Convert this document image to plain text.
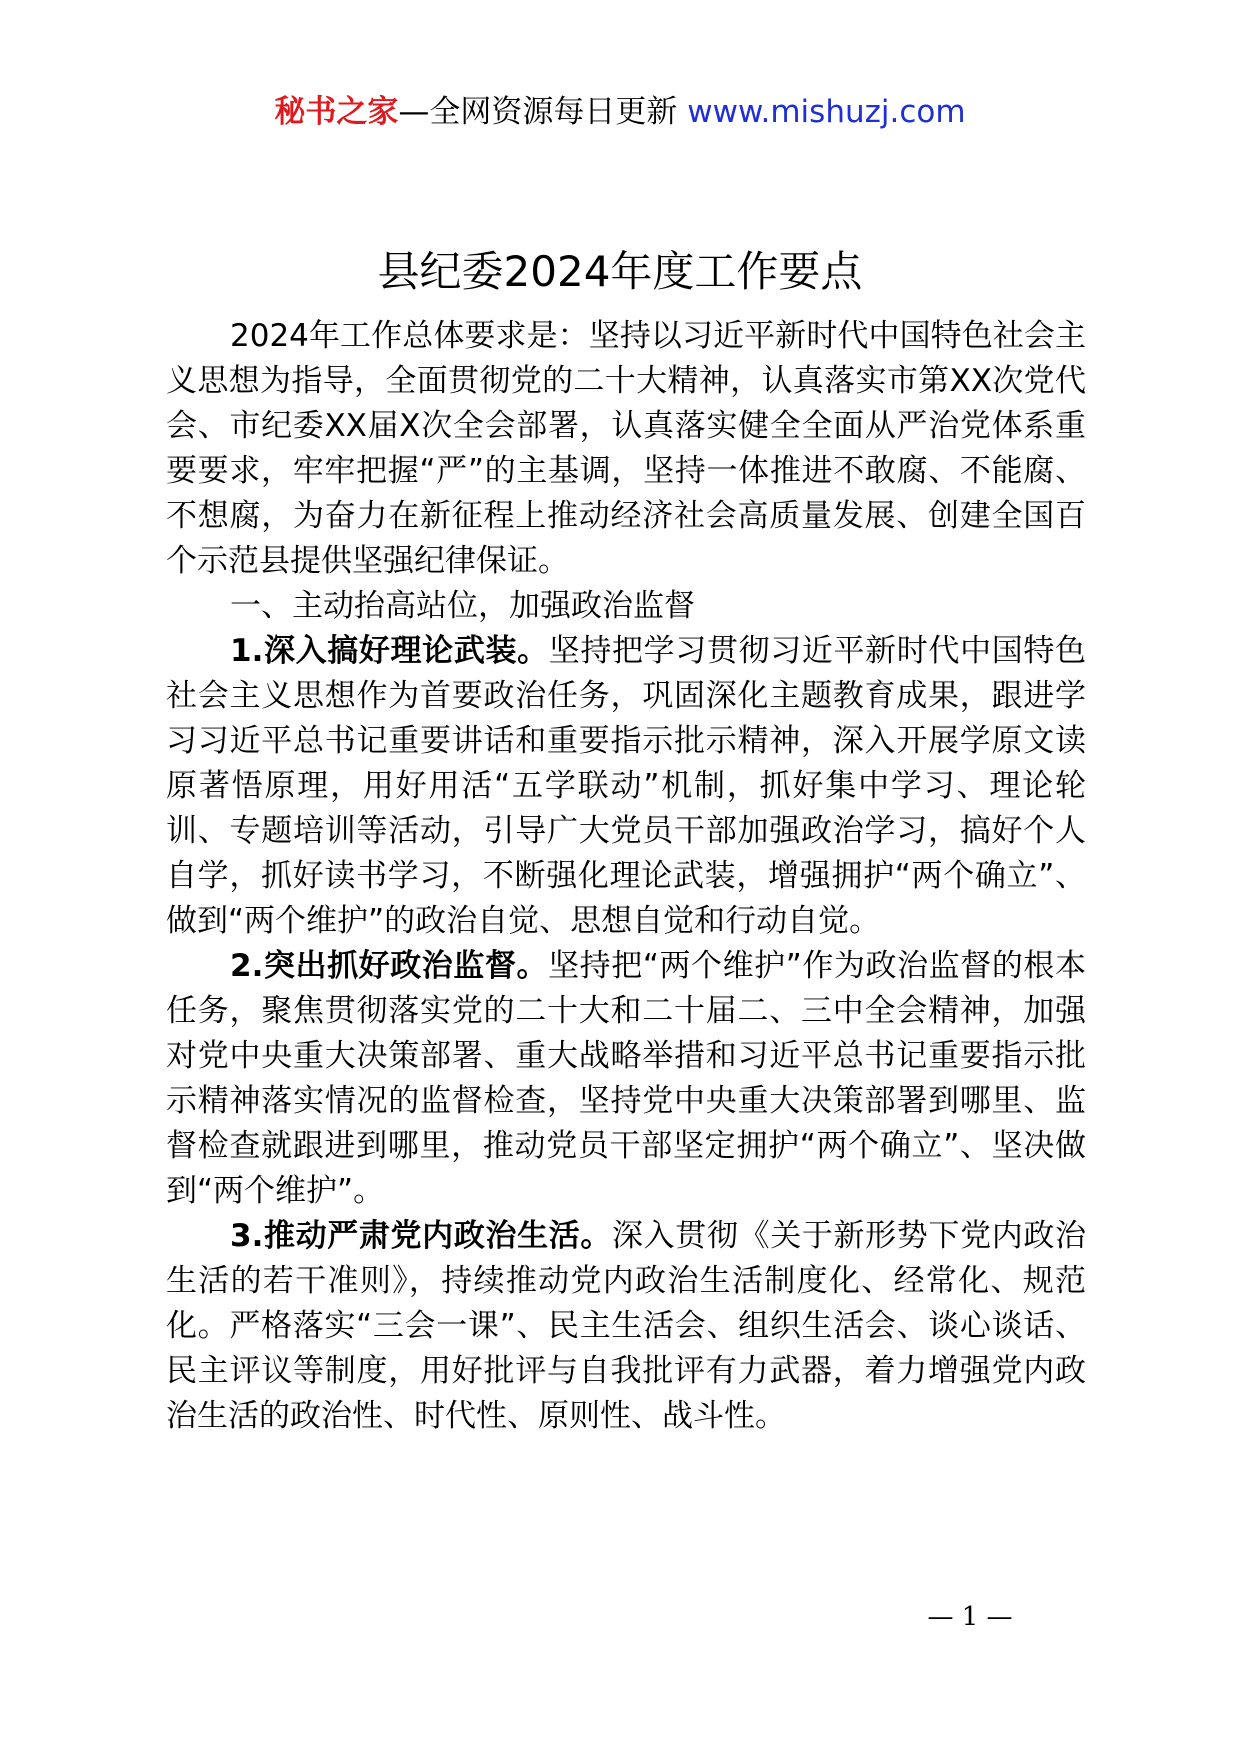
秘书之家—全网资源每日更新 www.mishuzj.com
县纪委2024年度工作要点

2024年工作总体要求是：坚持以习近平新时代中国特色社会主义思想为指导，全面贯彻党的二十大精神，认真落实市第XX次党代会、市纪委XX届X次全会部署，认真落实健全全面从严治党体系重要要求，牢牢把握“严”的主基调，坚持一体推进不敢腐、不能腐、不想腐，为奋力在新征程上推动经济社会高质量发展、创建全国百个示范县提供坚强纪律保证。

一、主动抬高站位，加强政治监督

1.深入搞好理论武装。坚持把学习贯彻习近平新时代中国特色社会主义思想作为首要政治任务，巩固深化主题教育成果，跟进学习习近平总书记重要讲话和重要指示批示精神，深入开展学原文读原著悟原理，用好用活“五学联动”机制，抓好集中学习、理论轮训、专题培训等活动，引导广大党员干部加强政治学习，搞好个人自学，抓好读书学习，不断强化理论武装，增强拥护“两个确立”、做到“两个维护”的政治自觉、思想自觉和行动自觉。

2.突出抓好政治监督。坚持把“两个维护”作为政治监督的根本任务，聚焦贯彻落实党的二十大和二十届二、三中全会精神，加强对党中央重大决策部署、重大战略举措和习近平总书记重要指示批示精神落实情况的监督检查，坚持党中央重大决策部署到哪里、监督检查就跟进到哪里，推动党员干部坚定拥护“两个确立”、坚决做到“两个维护”。

3.推动严肃党内政治生活。深入贯彻《关于新形势下党内政治生活的若干准则》，持续推动党内政治生活制度化、经常化、规范化。严格落实“三会一课”、民主生活会、组织生活会、谈心谈话、民主评议等制度，用好批评与自我批评有力武器，着力增强党内政治生活的政治性、时代性、原则性、战斗性。

— 1 —
